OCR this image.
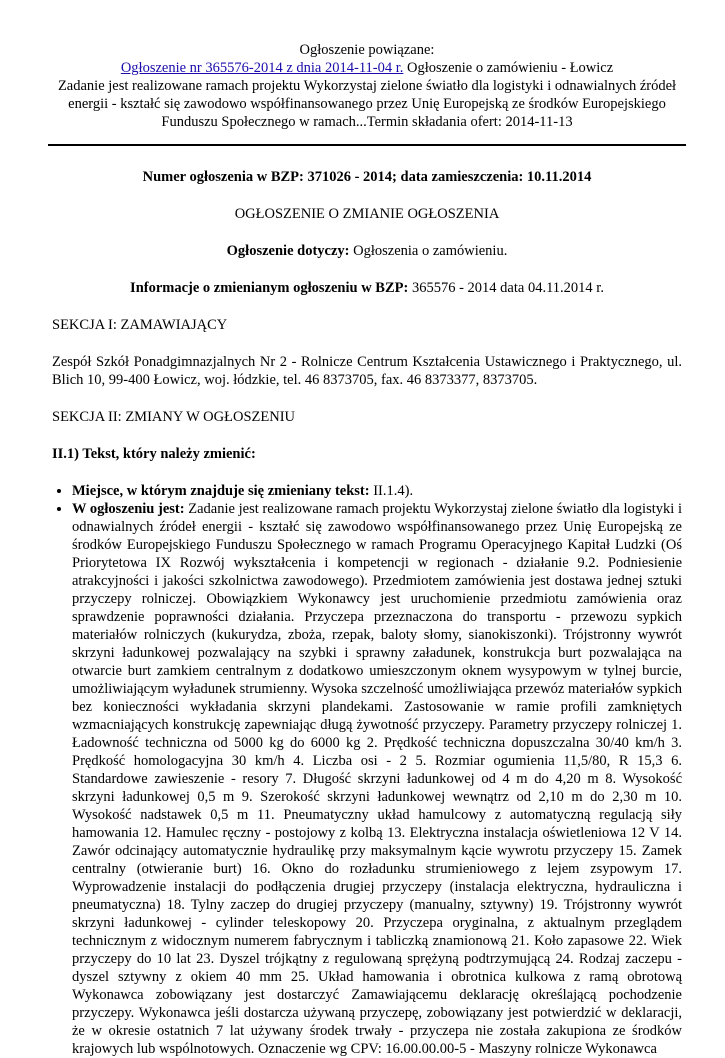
Ogłoszenie powiązane:
Ogłoszenie nr 365576-2014 z dnia 2014-11-04 r. Ogłoszenie o zamówieniu - Łowicz
Zadanie jest realizowane ramach projektu Wykorzystaj zielone światło dla logistyki i odnawialnych źródeł energii - kształć się zawodowo współfinansowanego przez Unię Europejską ze środków Europejskiego Funduszu Społecznego w ramach...Termin składania ofert: 2014-11-13
Numer ogłoszenia w BZP: 371026 - 2014; data zamieszczenia: 10.11.2014
OGŁOSZENIE O ZMIANIE OGŁOSZENIA
Ogłoszenie dotyczy: Ogłoszenia o zamówieniu.
Informacje o zmienianym ogłoszeniu w BZP: 365576 - 2014 data 04.11.2014 r.
SEKCJA I: ZAMAWIAJĄCY
Zespół Szkół Ponadgimnazjalnych Nr 2 - Rolnicze Centrum Kształcenia Ustawicznego i Praktycznego, ul. Blich 10, 99-400 Łowicz, woj. łódzkie, tel. 46 8373705, fax. 46 8373377, 8373705.
SEKCJA II: ZMIANY W OGŁOSZENIU
II.1) Tekst, który należy zmienić:
• Miejsce, w którym znajduje się zmieniany tekst: II.1.4).
• W ogłoszeniu jest: Zadanie jest realizowane ramach projektu Wykorzystaj zielone światło dla logistyki i odnawialnych źródeł energii - kształć się zawodowo współfinansowanego przez Unię Europejską ze środków Europejskiego Funduszu Społecznego w ramach Programu Operacyjnego Kapitał Ludzki (Oś Priorytetowa IX Rozwój wykształcenia i kompetencji w regionach - działanie 9.2. Podniesienie atrakcyjności i jakości szkolnictwa zawodowego). Przedmiotem zamówienia jest dostawa jednej sztuki przyczepy rolniczej. Obowiązkiem Wykonawcy jest uruchomienie przedmiotu zamówienia oraz sprawdzenie poprawności działania. Przyczepa przeznaczona do transportu - przewozu sypkich materiałów rolniczych (kukurydza, zboża, rzepak, baloty słomy, sianokiszonki). Trójstronny wywrót skrzyni ładunkowej pozwalający na szybki i sprawny załadunek, konstrukcja burt pozwalająca na otwarcie burt zamkiem centralnym z dodatkowo umieszczonym oknem wysypowym w tylnej burcie, umożliwiającym wyładunek strumienny. Wysoka szczelność umożliwiająca przewóz materiałów sypkich bez konieczności wykładania skrzyni plandekami. Zastosowanie w ramie profili zamkniętych wzmacniających konstrukcję zapewniając długą żywotność przyczepy. Parametry przyczepy rolniczej 1. Ładowność techniczna od 5000 kg do 6000 kg 2. Prędkość techniczna dopuszczalna 30/40 km/h 3. Prędkość homologacyjna 30 km/h 4. Liczba osi - 2 5. Rozmiar ogumienia 11,5/80, R 15,3 6. Standardowe zawieszenie - resory 7. Długość skrzyni ładunkowej od 4 m do 4,20 m 8. Wysokość skrzyni ładunkowej 0,5 m 9. Szerokość skrzyni ładunkowej wewnątrz od 2,10 m do 2,30 m 10. Wysokość nadstawek 0,5 m 11. Pneumatyczny układ hamulcowy z automatyczną regulacją siły hamowania 12. Hamulec ręczny - postojowy z kolbą 13. Elektryczna instalacja oświetleniowa 12 V 14. Zawór odcinający automatycznie hydraulikę przy maksymalnym kącie wywrotu przyczepy 15. Zamek centralny (otwieranie burt) 16. Okno do rozładunku strumieniowego z lejem zsypowym 17. Wyprowadzenie instalacji do podłączenia drugiej przyczepy (instalacja elektryczna, hydrauliczna i pneumatyczna) 18. Tylny zaczep do drugiej przyczepy (manualny, sztywny) 19. Trójstronny wywrót skrzyni ładunkowej - cylinder teleskopowy 20. Przyczepa oryginalna, z aktualnym przeglądem technicznym z widocznym numerem fabrycznym i tabliczką znamionową 21. Koło zapasowe 22. Wiek przyczepy do 10 lat 23. Dyszel trójkątny z regulowaną sprężyną podtrzymującą 24. Rodzaj zaczepu - dyszel sztywny z okiem 40 mm 25. Układ hamowania i obrotnica kulkowa z ramą obrotową Wykonawca zobowiązany jest dostarczyć Zamawiającemu deklarację określającą pochodzenie przyczepy. Wykonawca jeśli dostarcza używaną przyczepę, zobowiązany jest potwierdzić w deklaracji, że w okresie ostatnich 7 lat używany środek trwały - przyczepa nie została zakupiona ze środków krajowych lub wspólnotowych. Oznaczenie wg CPV: 16.00.00.00-5 - Maszyny rolnicze Wykonawca
